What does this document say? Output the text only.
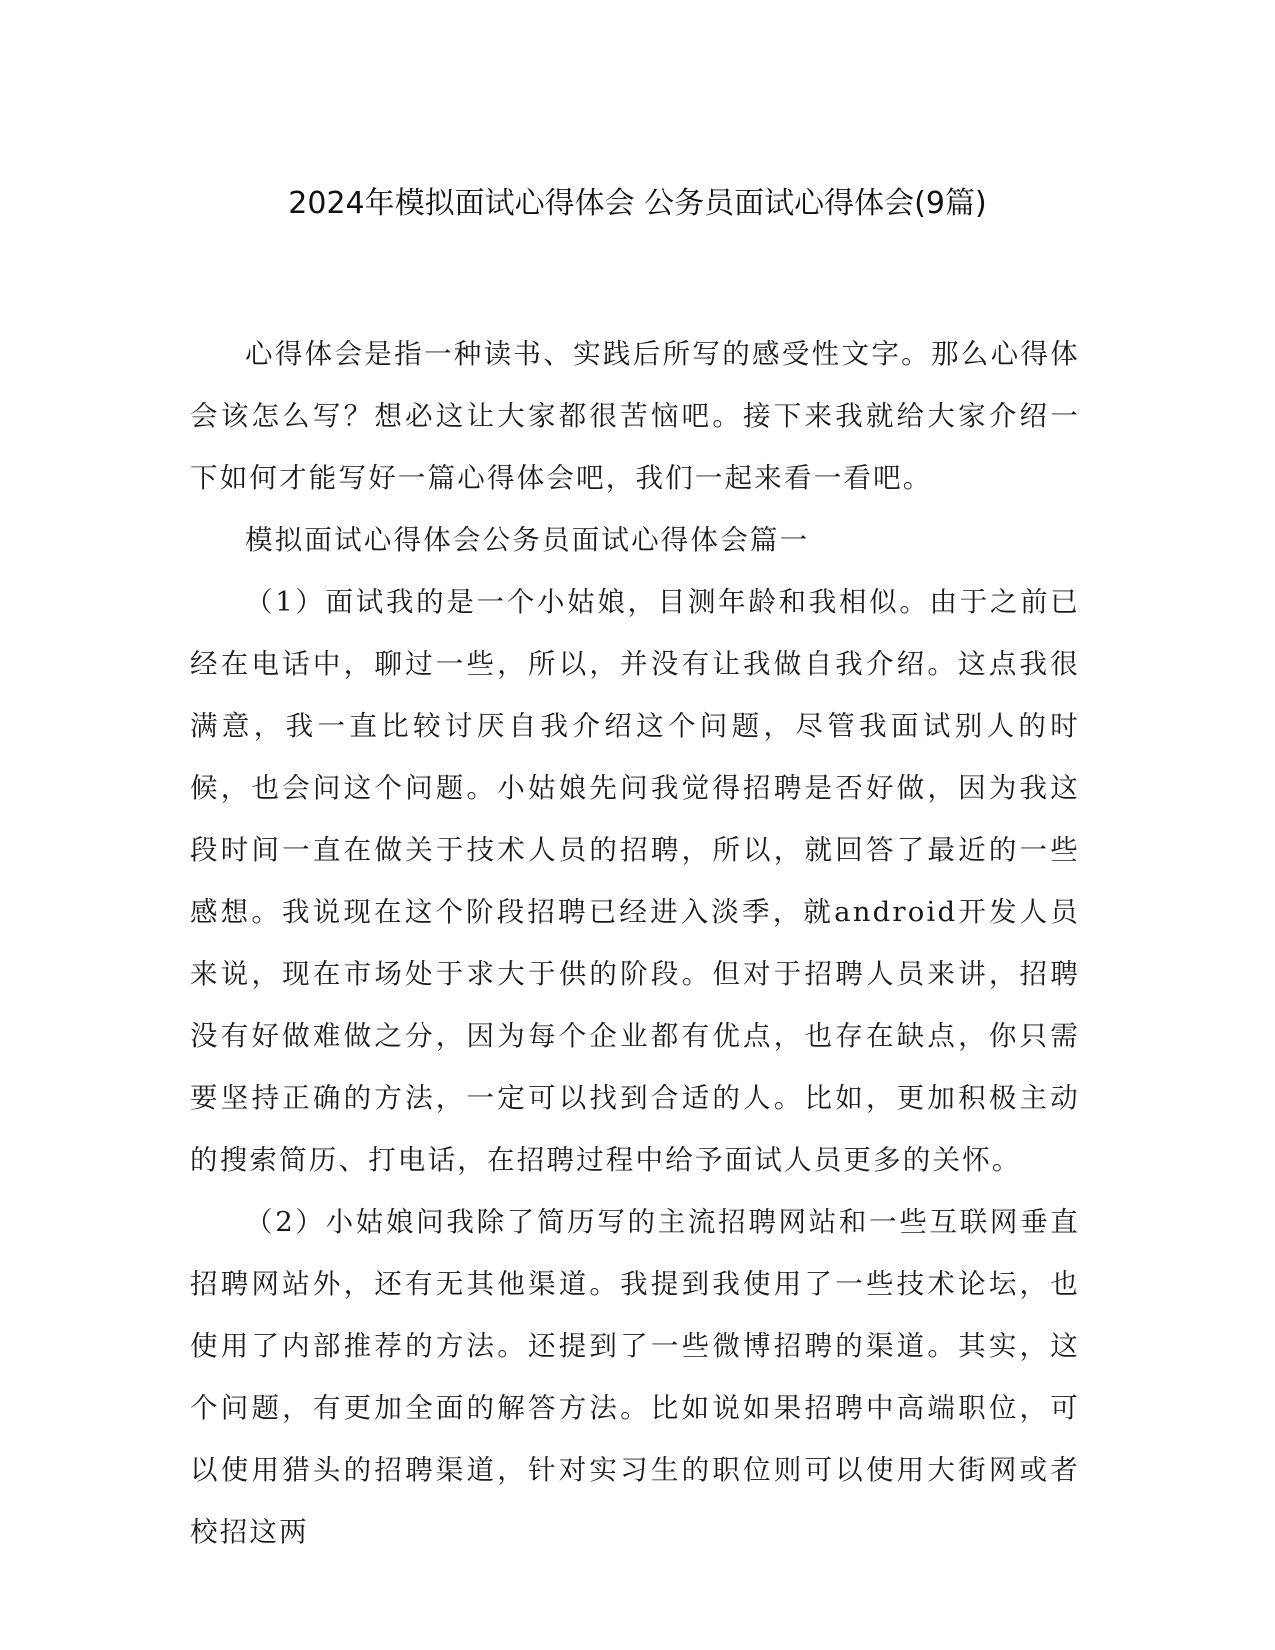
2024年模拟面试心得体会 公务员面试心得体会(9篇)

心得体会是指一种读书、实践后所写的感受性文字。那么心得体会该怎么写？想必这让大家都很苦恼吧。接下来我就给大家介绍一下如何才能写好一篇心得体会吧，我们一起来看一看吧。

模拟面试心得体会公务员面试心得体会篇一

（1）面试我的是一个小姑娘，目测年龄和我相似。由于之前已经在电话中，聊过一些，所以，并没有让我做自我介绍。这点我很满意，我一直比较讨厌自我介绍这个问题，尽管我面试别人的时候，也会问这个问题。小姑娘先问我觉得招聘是否好做，因为我这段时间一直在做关于技术人员的招聘，所以，就回答了最近的一些感想。我说现在这个阶段招聘已经进入淡季，就android开发人员来说，现在市场处于求大于供的阶段。但对于招聘人员来讲，招聘没有好做难做之分，因为每个企业都有优点，也存在缺点，你只需要坚持正确的方法，一定可以找到合适的人。比如，更加积极主动的搜索简历、打电话，在招聘过程中给予面试人员更多的关怀。

（2）小姑娘问我除了简历写的主流招聘网站和一些互联网垂直招聘网站外，还有无其他渠道。我提到我使用了一些技术论坛，也使用了内部推荐的方法。还提到了一些微博招聘的渠道。其实，这个问题，有更加全面的解答方法。比如说如果招聘中高端职位，可以使用猎头的招聘渠道，针对实习生的职位则可以使用大街网或者校招这两
